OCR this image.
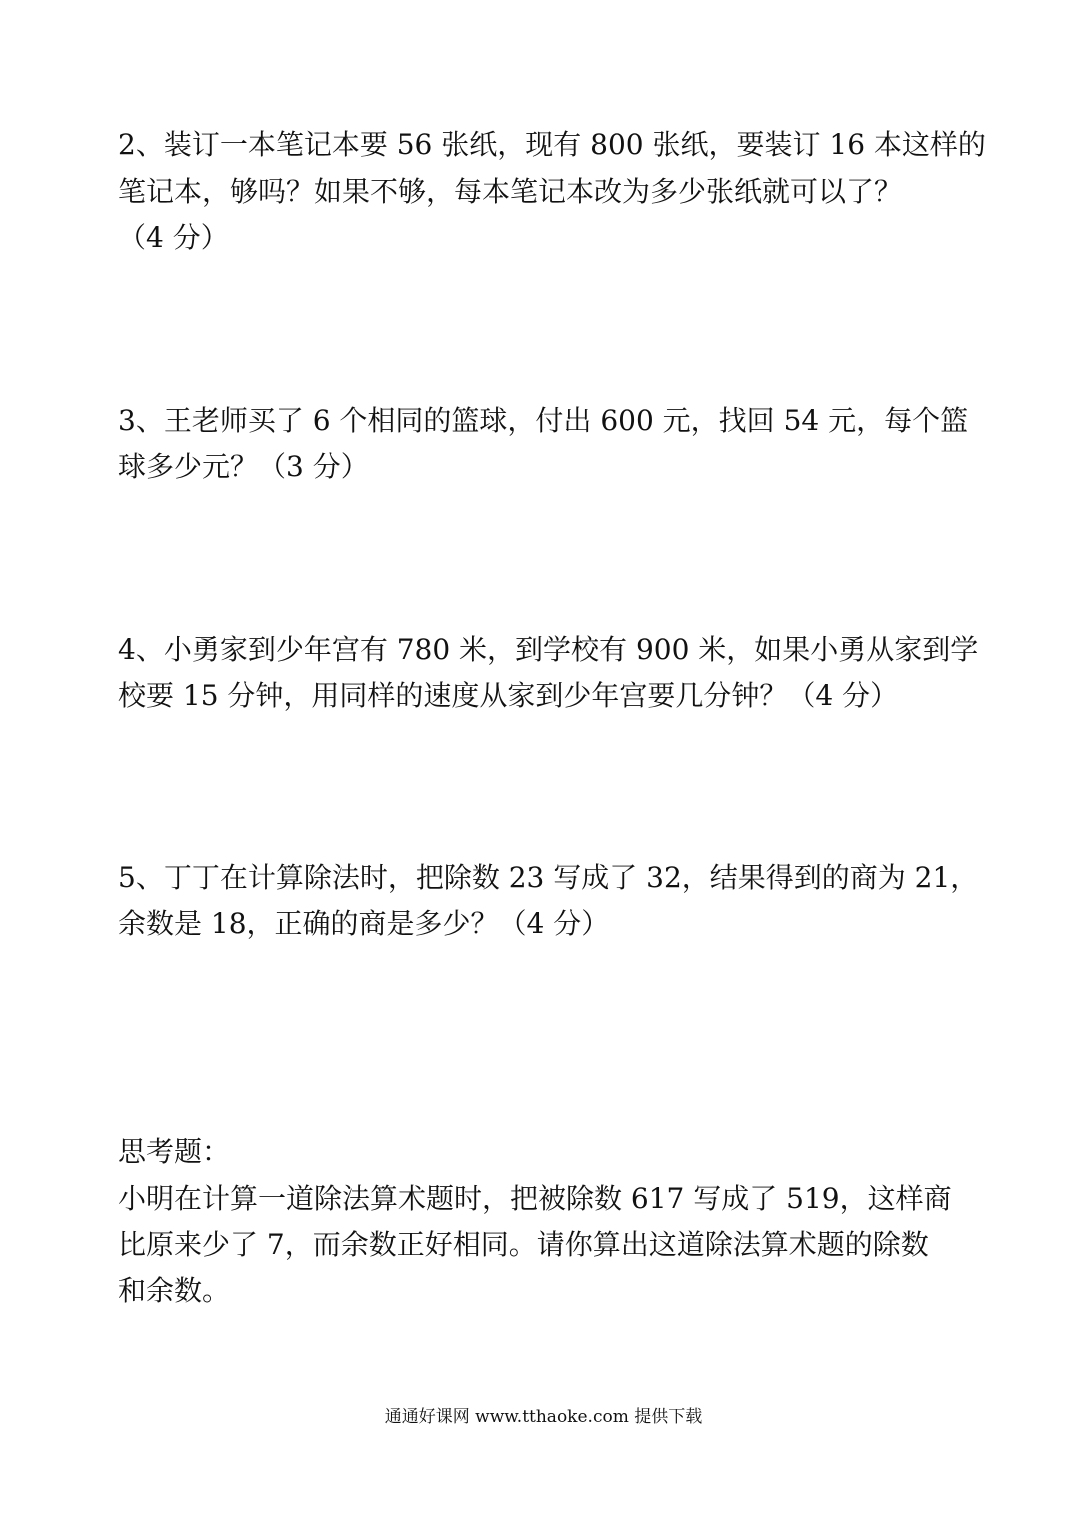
2、装订一本笔记本要 56 张纸，现有 800 张纸，要装订 16 本这样的
笔记本，够吗？如果不够，每本笔记本改为多少张纸就可以了？
（4 分）
3、王老师买了 6 个相同的篮球，付出 600 元，找回 54 元，每个篮
球多少元？（3 分）
4、小勇家到少年宫有 780 米，到学校有 900 米，如果小勇从家到学
校要 15 分钟，用同样的速度从家到少年宫要几分钟？（4 分）
5、丁丁在计算除法时，把除数 23 写成了 32，结果得到的商为 21，
余数是 18，正确的商是多少？（4 分）
思考题：
小明在计算一道除法算术题时，把被除数 617 写成了 519，这样商
比原来少了 7，而余数正好相同。请你算出这道除法算术题的除数
和余数。
通通好课网 www.tthaoke.com 提供下载
